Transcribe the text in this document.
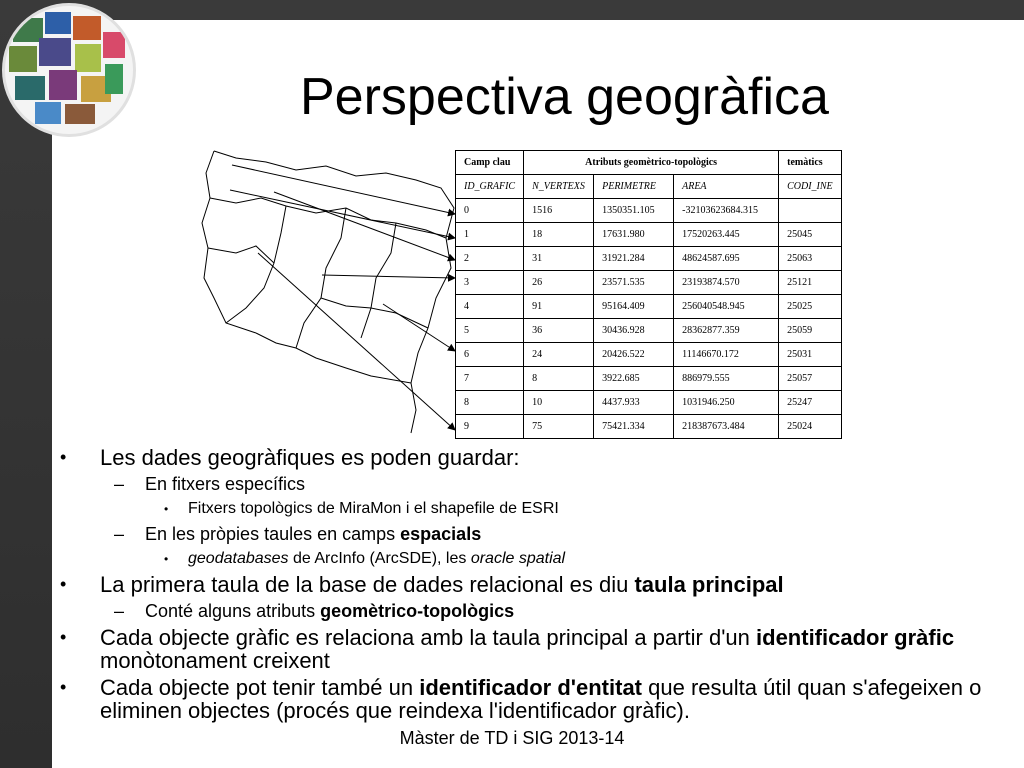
Perspectiva geogràfica
Camp clau	Atributs geomètrico-topològics			temàtics
ID_GRAFIC	N_VERTEXS	PERIMETRE	AREA	CODI_INE
0	1516	1350351.105	-32103623684.315	
1	18	17631.980	17520263.445	25045
2	31	31921.284	48624587.695	25063
3	26	23571.535	23193874.570	25121
4	91	95164.409	256040548.945	25025
5	36	30436.928	28362877.359	25059
6	24	20426.522	11146670.172	25031
7	8	3922.685	886979.555	25057
8	10	4437.933	1031946.250	25247
9	75	75421.334	218387673.484	25024
• Les dades geogràfiques es poden guardar:
– En fitxers específics
• Fitxers topològics de MiraMon i el shapefile de ESRI
– En les pròpies taules en camps espacials
• geodatabases de ArcInfo (ArcSDE), les oracle spatial
• La primera taula de la base de dades relacional es diu taula principal
– Conté alguns atributs geomètrico-topològics
• Cada objecte gràfic es relaciona amb la taula principal a partir d'un identificador gràfic monòtonament creixent
• Cada objecte pot tenir també un identificador d'entitat que resulta útil quan s'afegeixen o eliminen objectes (procés que reindexa l'identificador gràfic).
Màster de TD i SIG 2013-14
